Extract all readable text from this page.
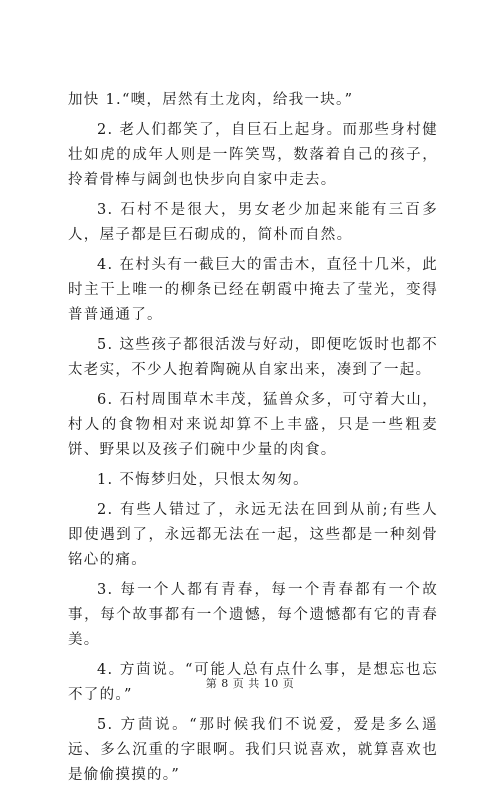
加快 1.“噢，居然有土龙肉，给我一块。”

2. 老人们都笑了，自巨石上起身。而那些身村健壮如虎的成年人则是一阵笑骂，数落着自己的孩子，拎着骨棒与阔剑也快步向自家中走去。

3. 石村不是很大，男女老少加起来能有三百多人，屋子都是巨石砌成的，简朴而自然。

4. 在村头有一截巨大的雷击木，直径十几米，此时主干上唯一的柳条已经在朝霞中掩去了莹光，变得普普通通了。

5. 这些孩子都很活泼与好动，即便吃饭时也都不太老实，不少人抱着陶碗从自家出来，凑到了一起。

6. 石村周围草木丰茂，猛兽众多，可守着大山，村人的食物相对来说却算不上丰盛，只是一些粗麦饼、野果以及孩子们碗中少量的肉食。

1. 不悔梦归处，只恨太匆匆。

2. 有些人错过了，永远无法在回到从前;有些人即使遇到了，永远都无法在一起，这些都是一种刻骨铭心的痛。

3. 每一个人都有青春，每一个青春都有一个故事，每个故事都有一个遗憾，每个遗憾都有它的青春美。

4. 方茴说。“可能人总有点什么事，是想忘也忘不了的。”

5. 方茴说。“那时候我们不说爱，爱是多么遥远、多么沉重的字眼啊。我们只说喜欢，就算喜欢也是偷偷摸摸的。”

第 8 页 共 10 页
